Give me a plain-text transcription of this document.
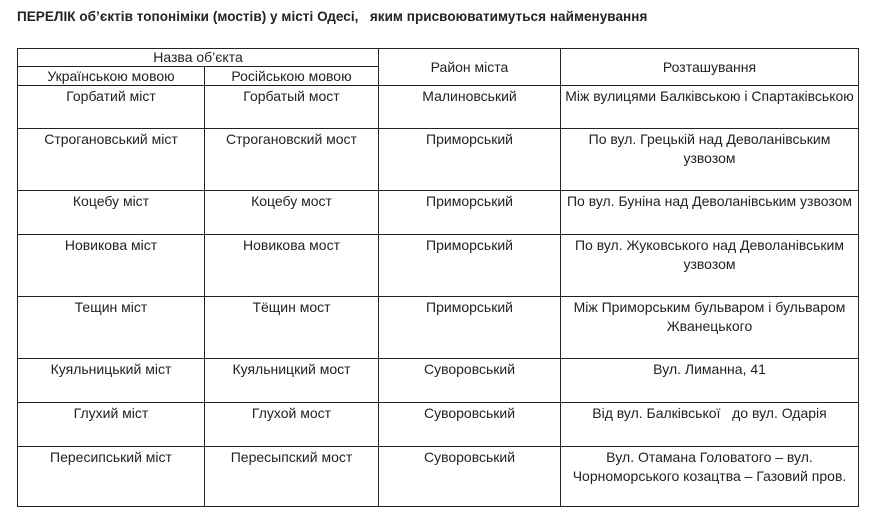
ПЕРЕЛІК об’єктів топоніміки (мостів) у місті Одесі,   яким присвоюватимуться найменування
Назва об’єкта		Район міста	Розташування
Українською мовою	Російською мовою		
Горбатий міст	Горбатый мост	Малиновський	Між вулицями Балківською і Спартаківською
Строгановський міст	Строгановский мост	Приморський	По вул. Грецькій над Деволанівським узвозом
Коцебу міст	Коцебу мост	Приморський	По вул. Буніна над Деволанівським узвозом
Новикова міст	Новикова мост	Приморський	По вул. Жуковського над Деволанівським узвозом
Тещин міст	Тёщин мост	Приморський	Між Приморським бульваром і бульваром Жванецького
Куяльницький міст	Куяльницкий мост	Суворовський	Вул. Лиманна, 41
Глухий міст	Глухой мост	Суворовський	Від вул. Балківської   до вул. Одарія
Пересипський міст	Пересыпский мост	Суворовський	Вул. Отамана Головатого – вул. Чорноморського козацтва – Газовий пров.
